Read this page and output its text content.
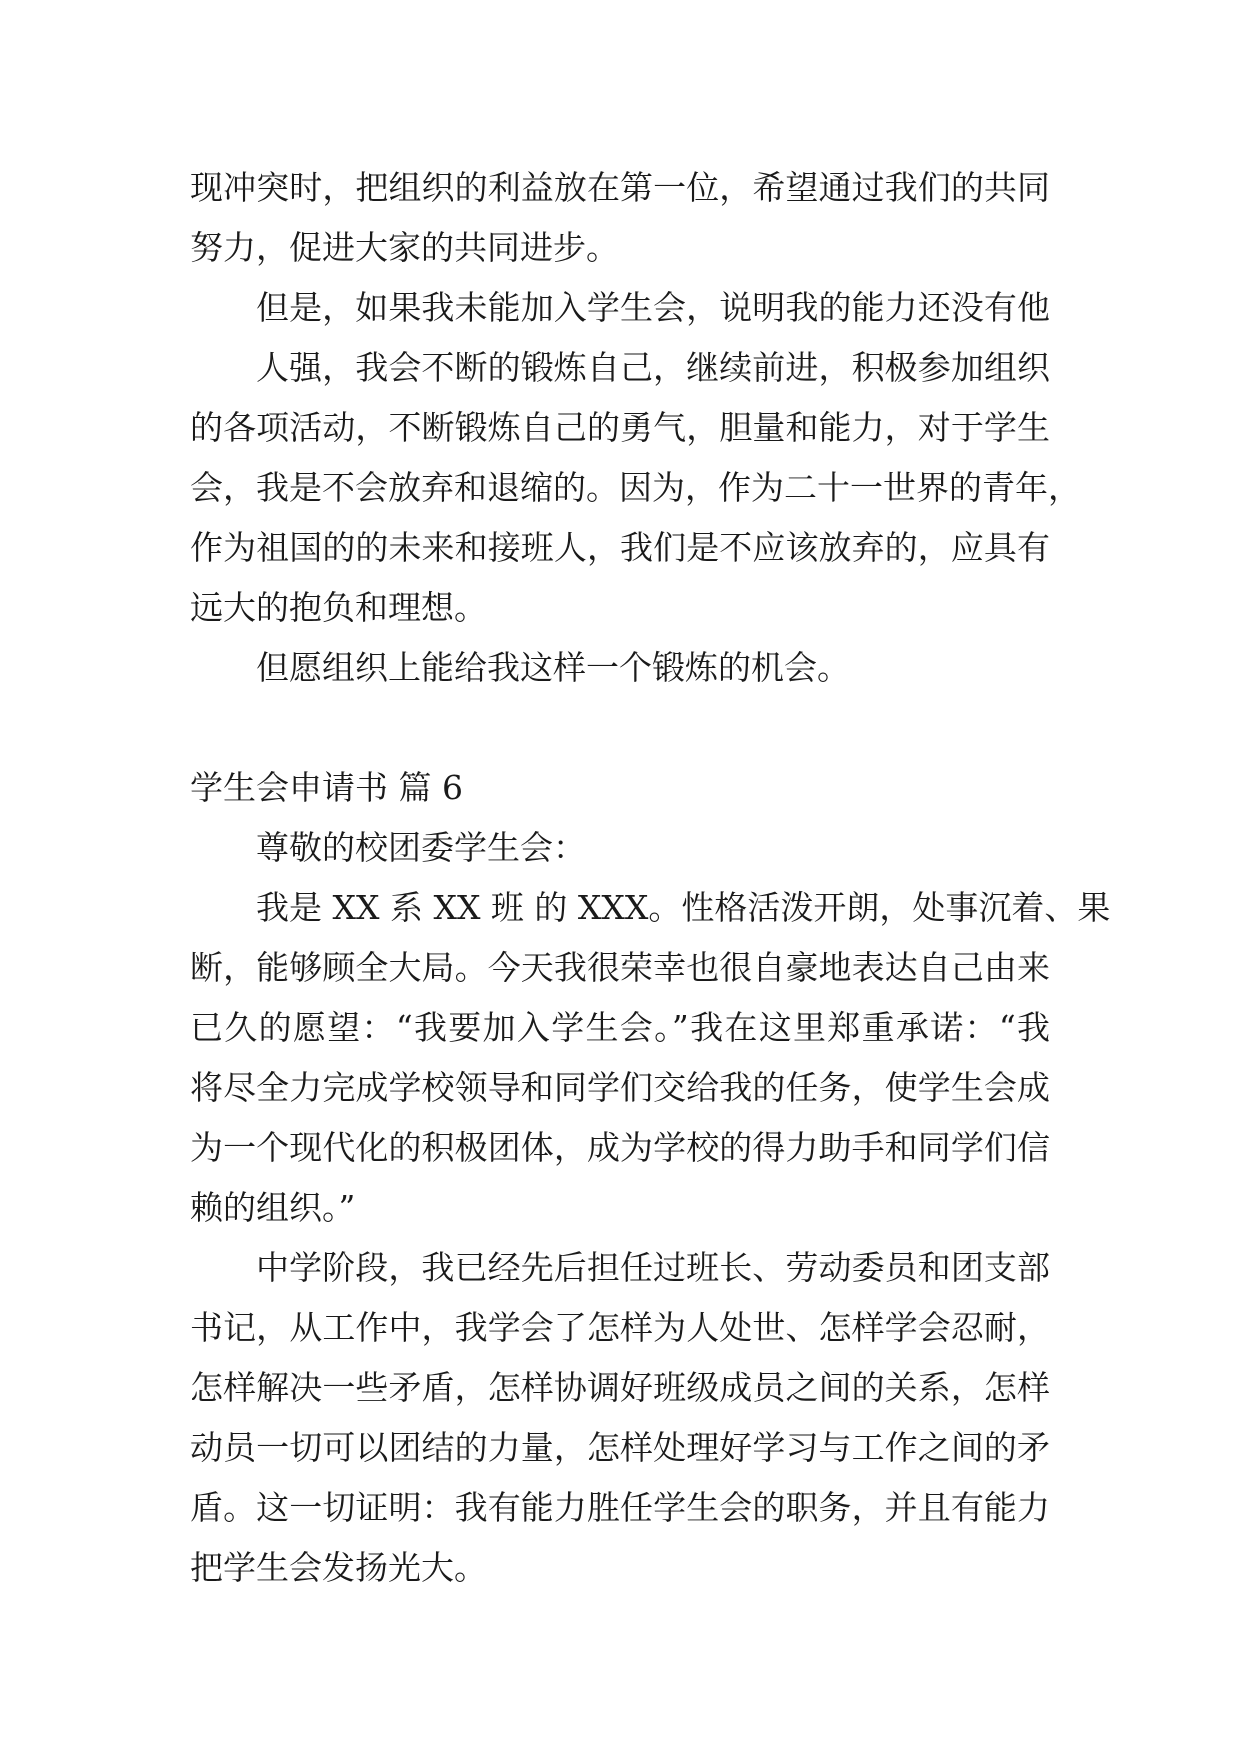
现冲突时，把组织的利益放在第一位，希望通过我们的共同
努力，促进大家的共同进步。
但是，如果我未能加入学生会，说明我的能力还没有他
人强，我会不断的锻炼自己，继续前进，积极参加组织
的各项活动，不断锻炼自己的勇气，胆量和能力，对于学生
会，我是不会放弃和退缩的。因为，作为二十一世界的青年，
作为祖国的的未来和接班人，我们是不应该放弃的，应具有
远大的抱负和理想。
但愿组织上能给我这样一个锻炼的机会。
学生会申请书 篇 6
尊敬的校团委学生会：
我是 XX 系 XX 班 的 XXX。性格活泼开朗，处事沉着、果
断，能够顾全大局。今天我很荣幸也很自豪地表达自己由来
已久的愿望：“我要加入学生会。”我在这里郑重承诺：“我
将尽全力完成学校领导和同学们交给我的任务，使学生会成
为一个现代化的积极团体，成为学校的得力助手和同学们信
赖的组织。”
中学阶段，我已经先后担任过班长、劳动委员和团支部
书记，从工作中，我学会了怎样为人处世、怎样学会忍耐，
怎样解决一些矛盾，怎样协调好班级成员之间的关系，怎样
动员一切可以团结的力量，怎样处理好学习与工作之间的矛
盾。这一切证明：我有能力胜任学生会的职务，并且有能力
把学生会发扬光大。
